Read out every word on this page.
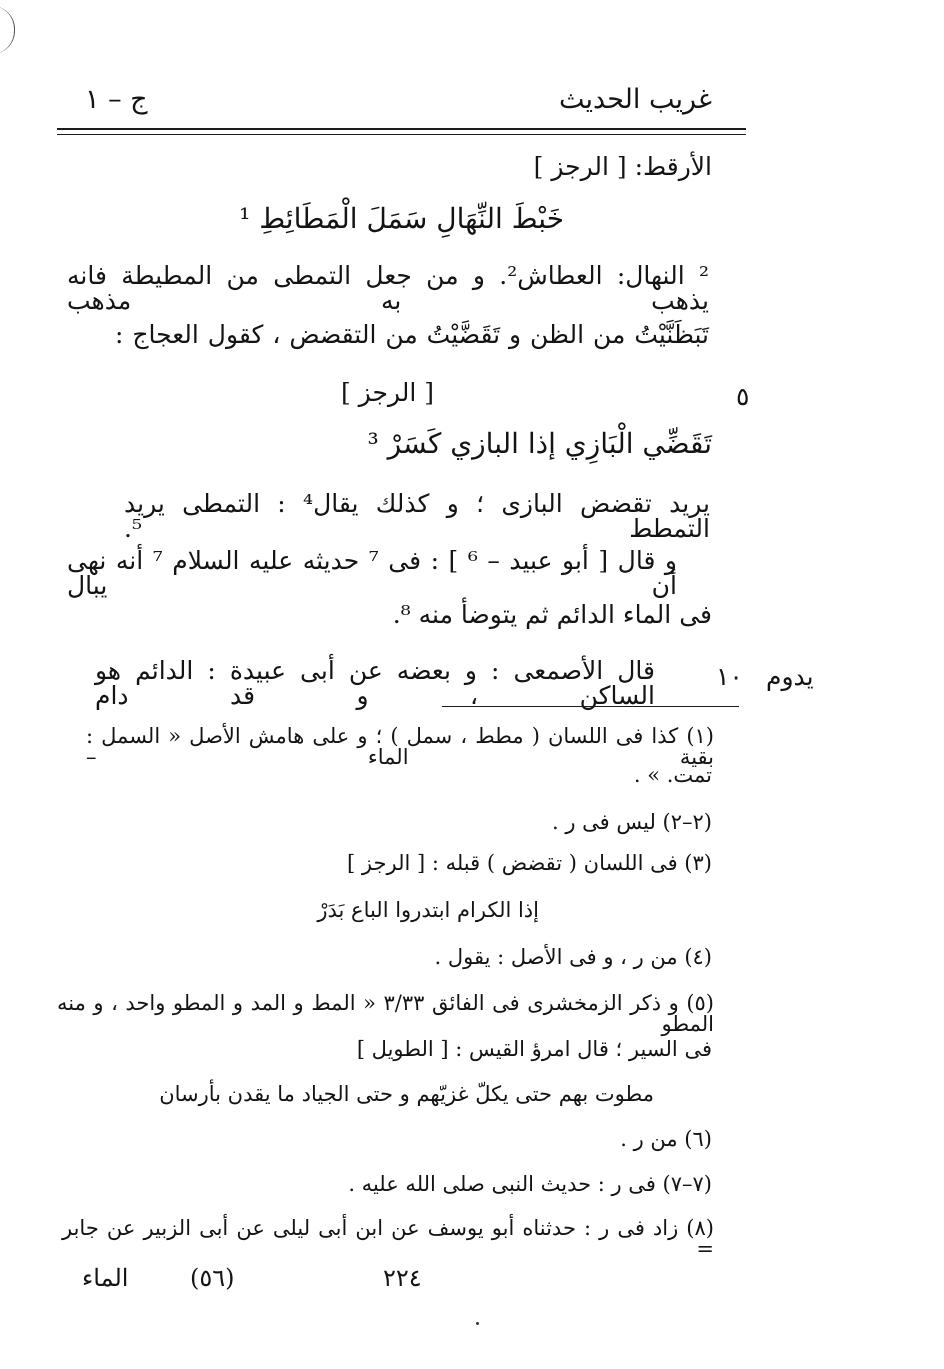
غريب الحديث
ج – ١
الأرقط: [ الرجز ]
خَبْطَ النِّهَالِ سَمَلَ الْمَطَائِطِ ¹
² النهال: العطاش². و من جعل التمطى من المطيطة فانه يذهب به مذهب
تَبَظَنَّيْتُ من الظن و تَقَضَّيْتُ من التقضض ، كقول العجاج :
٥
[ الرجز ]
تَقَضِّي الْبَازِي إذا البازي كَسَرْ ³
يريد تقضض البازى ؛ و كذلك يقال⁴ : التمطى يريد التمطط ⁵.
و قال [ أبو عبيد – ⁶ ] : فى ⁷ حديثه عليه السلام ⁷ أنه نهى أن يبال
فى الماء الدائم ثم يتوضأ منه ⁸.
١٠ يدوم
قال الأصمعى : و بعضه عن أبى عبيدة : الدائم هو الساكن ، و قد دام
(١) كذا فى اللسان ( مطط ، سمل ) ؛ و على هامش الأصل « السمل : بقية الماء –
تمت. » .
(٢–٢) ليس فى ر .
(٣) فى اللسان ( تقضض ) قبله : [ الرجز ]
إذا الكرام ابتدروا الباع بَدَرْ
(٤) من ر ، و فى الأصل : يقول .
(٥) و ذكر الزمخشرى فى الفائق ٣/٣٣ « المط و المد و المطو واحد ، و منه المطو
فى السير ؛ قال امرؤ القيس : [ الطويل ]
مطوت بهم حتى يكلّ غزيّهم و حتى الجياد ما يقدن بأرسان
(٦) من ر .
(٧–٧) فى ر : حديث النبى صلى الله عليه .
(٨) زاد فى ر : حدثناه أبو يوسف عن ابن أبى ليلى عن أبى الزبير عن جابر =
٢٢٤
(٥٦)
الماء
